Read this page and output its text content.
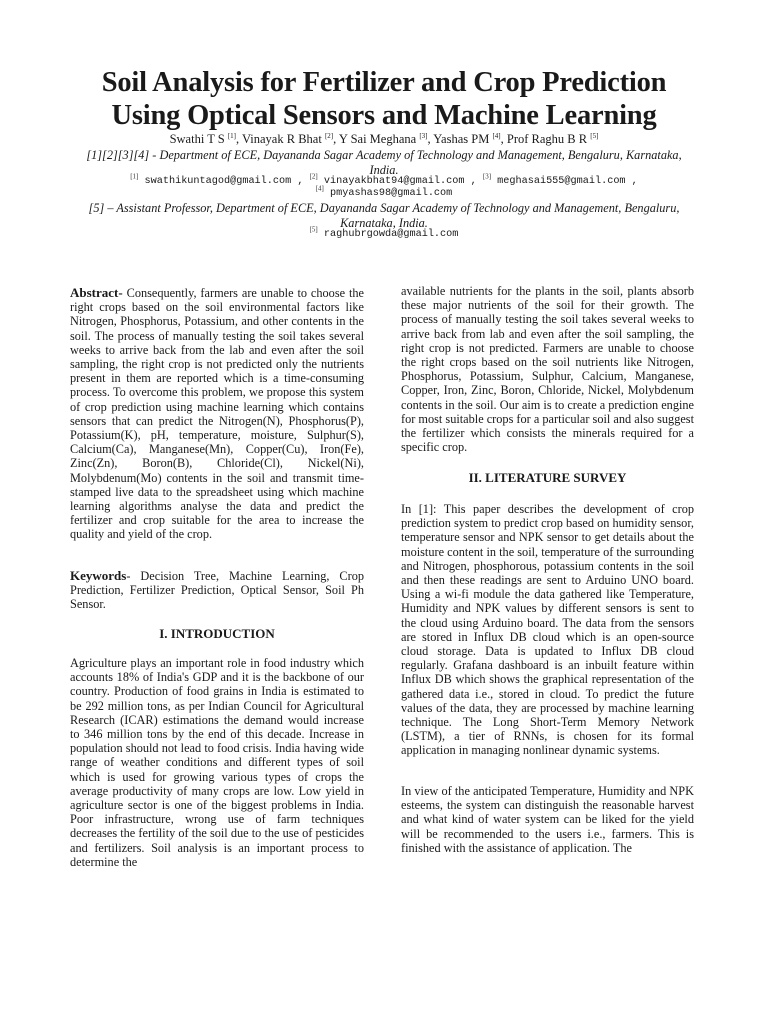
Soil Analysis for Fertilizer and Crop Prediction
Using Optical Sensors and Machine Learning
Swathi T S [1], Vinayak R Bhat [2], Y Sai Meghana [3], Yashas PM [4], Prof Raghu B R [5]
[1][2][3][4] - Department of ECE, Dayananda Sagar Academy of Technology and Management, Bengaluru, Karnataka,
India.
[1] swathikuntagod@gmail.com , [2] vinayakbhat94@gmail.com , [3] meghasai555@gmail.com ,
[4] pmyashas98@gmail.com
[5] – Assistant Professor, Department of ECE, Dayananda Sagar Academy of Technology and Management, Bengaluru,
Karnataka, India.
[5] raghubrgowda@gmail.com

Abstract- Consequently, farmers are unable to choose the right crops based on the soil environmental factors like Nitrogen, Phosphorus, Potassium, and other contents in the soil. The process of manually testing the soil takes several weeks to arrive back from the lab and even after the soil sampling, the right crop is not predicted only the nutrients present in them are reported which is a time-consuming process. To overcome this problem, we propose this system of crop prediction using machine learning which contains sensors that can predict the Nitrogen(N), Phosphorus(P), Potassium(K), pH, temperature, moisture, Sulphur(S), Calcium(Ca), Manganese(Mn), Copper(Cu), Iron(Fe), Zinc(Zn), Boron(B), Chloride(Cl), Nickel(Ni), Molybdenum(Mo) contents in the soil and transmit time-stamped live data to the spreadsheet using which machine learning algorithms analyse the data and predict the fertilizer and crop suitable for the area to increase the quality and yield of the crop.

Keywords- Decision Tree, Machine Learning, Crop Prediction, Fertilizer Prediction, Optical Sensor, Soil Ph Sensor.

I. INTRODUCTION

Agriculture plays an important role in food industry which accounts 18% of India's GDP and it is the backbone of our country. Production of food grains in India is estimated to be 292 million tons, as per Indian Council for Agricultural Research (ICAR) estimations the demand would increase to 346 million tons by the end of this decade. Increase in population should not lead to food crisis. India having wide range of weather conditions and different types of soil which is used for growing various types of crops the average productivity of many crops are low. Low yield in agriculture sector is one of the biggest problems in India. Poor infrastructure, wrong use of farm techniques decreases the fertility of the soil due to the use of pesticides and fertilizers. Soil analysis is an important process to determine the

available nutrients for the plants in the soil, plants absorb these major nutrients of the soil for their growth. The process of manually testing the soil takes several weeks to arrive back from lab and even after the soil sampling, the right crop is not predicted. Farmers are unable to choose the right crops based on the soil nutrients like Nitrogen, Phosphorus, Potassium, Sulphur, Calcium, Manganese, Copper, Iron, Zinc, Boron, Chloride, Nickel, Molybdenum contents in the soil. Our aim is to create a prediction engine for most suitable crops for a particular soil and also suggest the fertilizer which consists the minerals required for a specific crop.

II. LITERATURE SURVEY

In [1]: This paper describes the development of crop prediction system to predict crop based on humidity sensor, temperature sensor and NPK sensor to get details about the moisture content in the soil, temperature of the surrounding and Nitrogen, phosphorous, potassium contents in the soil and then these readings are sent to Arduino UNO board. Using a wi-fi module the data gathered like Temperature, Humidity and NPK values by different sensors is sent to the cloud using Arduino board. The data from the sensors are stored in Influx DB cloud which is an open-source cloud storage. Data is updated to Influx DB cloud regularly. Grafana dashboard is an inbuilt feature within Influx DB which shows the graphical representation of the gathered data i.e., stored in cloud. To predict the future values of the data, they are processed by machine learning technique. The Long Short-Term Memory Network (LSTM), a tier of RNNs, is chosen for its formal application in managing nonlinear dynamic systems.

In view of the anticipated Temperature, Humidity and NPK esteems, the system can distinguish the reasonable harvest and what kind of water system can be liked for the yield will be recommended to the users i.e., farmers. This is finished with the assistance of application. The
